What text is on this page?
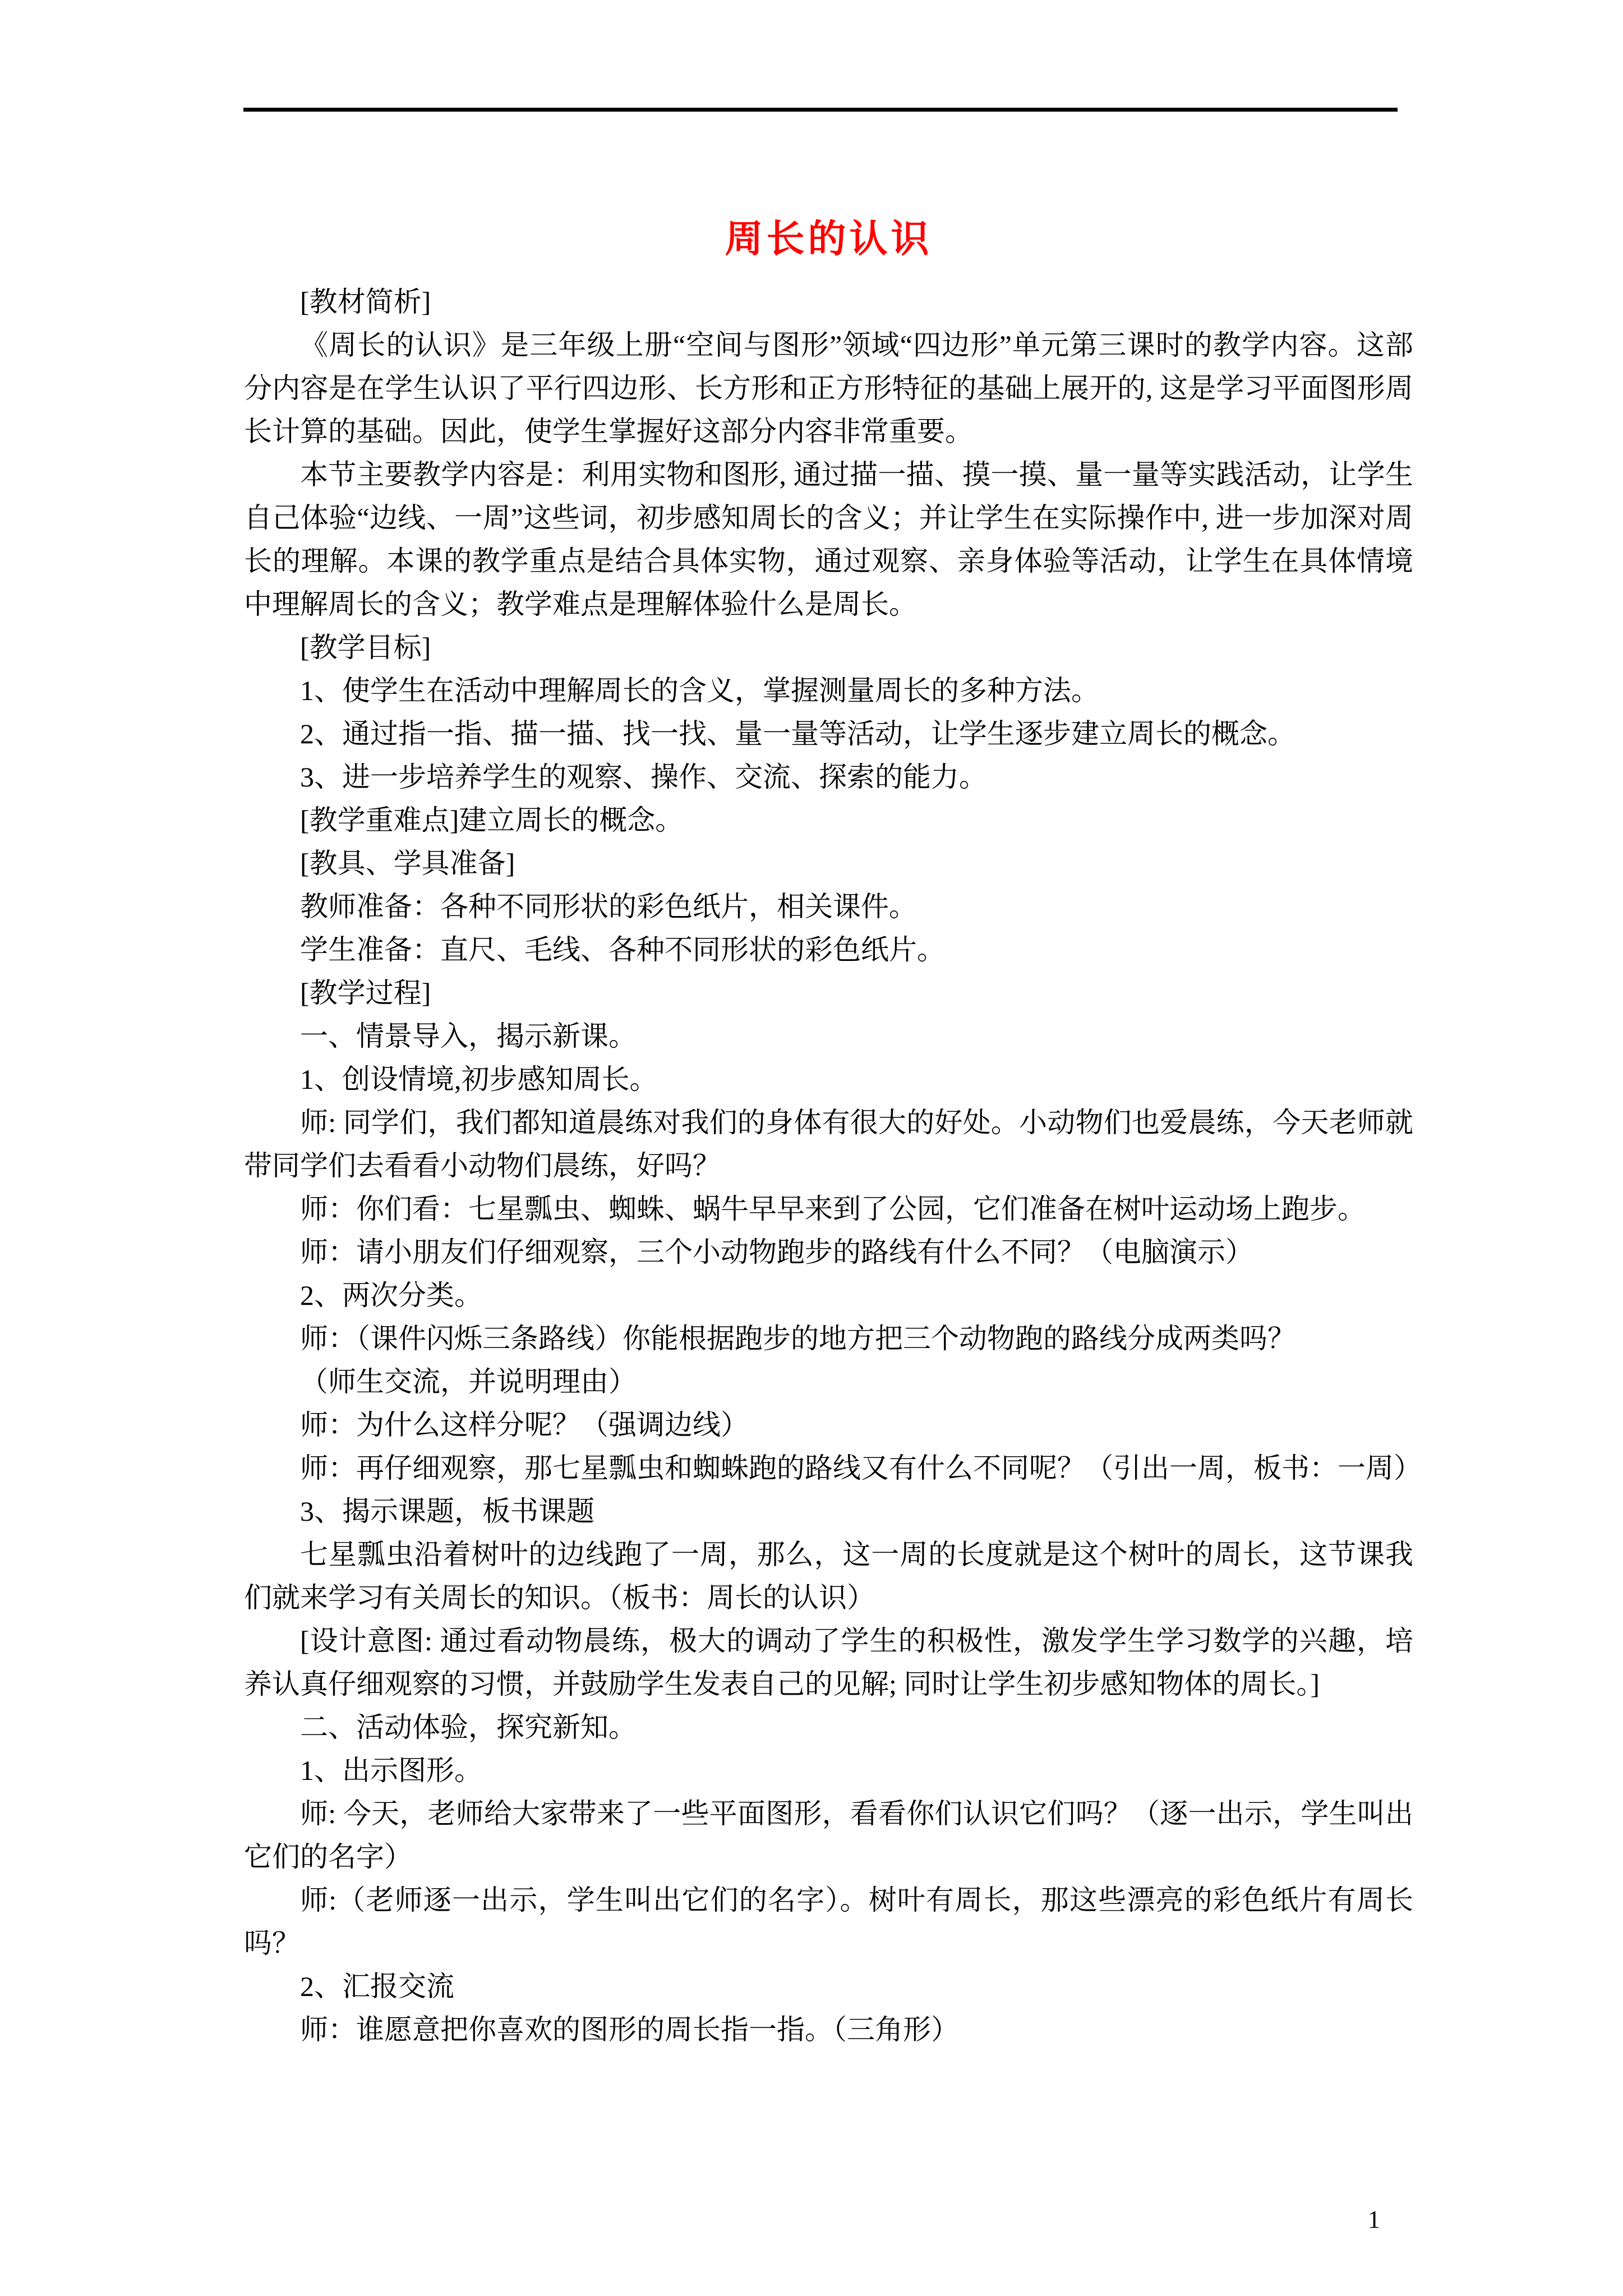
周长的认识

[教材简析]

《周长的认识》是三年级上册“空间与图形”领域“四边形”单元第三课时的教学内容。这部分内容是在学生认识了平行四边形、长方形和正方形特征的基础上展开的, 这是学习平面图形周长计算的基础。因此，使学生掌握好这部分内容非常重要。

本节主要教学内容是：利用实物和图形, 通过描一描、摸一摸、量一量等实践活动，让学生自己体验“边线、一周”这些词，初步感知周长的含义；并让学生在实际操作中, 进一步加深对周长的理解。本课的教学重点是结合具体实物，通过观察、亲身体验等活动，让学生在具体情境中理解周长的含义；教学难点是理解体验什么是周长。

[教学目标]

1、使学生在活动中理解周长的含义，掌握测量周长的多种方法。

2、通过指一指、描一描、找一找、量一量等活动，让学生逐步建立周长的概念。

3、进一步培养学生的观察、操作、交流、探索的能力。

[教学重难点]建立周长的概念。

[教具、学具准备]

教师准备：各种不同形状的彩色纸片，相关课件。

学生准备：直尺、毛线、各种不同形状的彩色纸片。

[教学过程]

一、情景导入，揭示新课。

1、创设情境,初步感知周长。

师: 同学们，我们都知道晨练对我们的身体有很大的好处。小动物们也爱晨练，今天老师就带同学们去看看小动物们晨练，好吗？

师：你们看：七星瓢虫、蜘蛛、蜗牛早早来到了公园，它们准备在树叶运动场上跑步。

师：请小朋友们仔细观察，三个小动物跑步的路线有什么不同？（电脑演示）

2、两次分类。

师：（课件闪烁三条路线）你能根据跑步的地方把三个动物跑的路线分成两类吗？

（师生交流，并说明理由）

师：为什么这样分呢？（强调边线）

师：再仔细观察，那七星瓢虫和蜘蛛跑的路线又有什么不同呢？（引出一周，板书：一周）

3、揭示课题，板书课题

七星瓢虫沿着树叶的边线跑了一周，那么，这一周的长度就是这个树叶的周长，这节课我们就来学习有关周长的知识。（板书：周长的认识）

[设计意图: 通过看动物晨练，极大的调动了学生的积极性，激发学生学习数学的兴趣，培养认真仔细观察的习惯，并鼓励学生发表自己的见解; 同时让学生初步感知物体的周长。]

二、活动体验，探究新知。

1、出示图形。

师: 今天，老师给大家带来了一些平面图形，看看你们认识它们吗？（逐一出示，学生叫出它们的名字）

师:（老师逐一出示，学生叫出它们的名字）。树叶有周长，那这些漂亮的彩色纸片有周长吗？

2、汇报交流

师：谁愿意把你喜欢的图形的周长指一指。（三角形）

1
